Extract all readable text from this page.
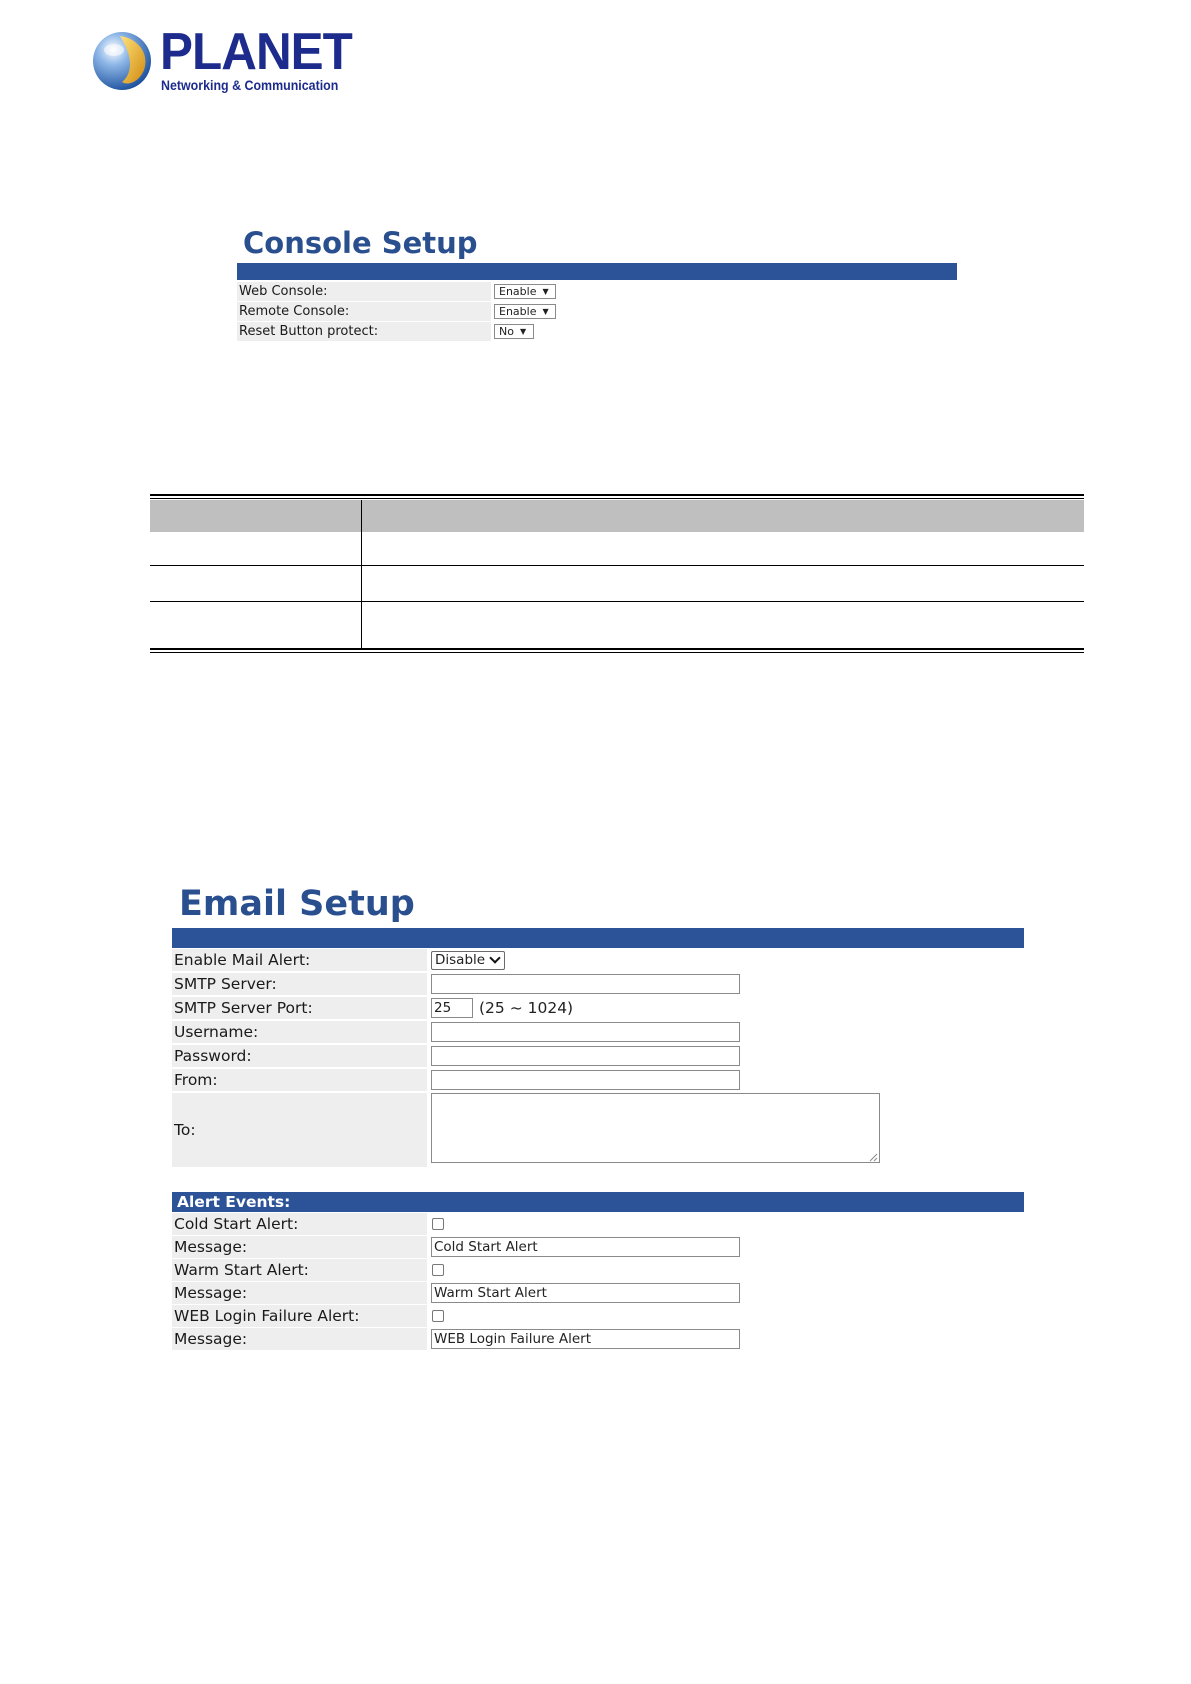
PLANET
Networking & Communication
Console Setup
Web Console:	Enable ▼
Remote Console:	Enable ▼
Reset Button protect:	No ▼
Email Setup
Enable Mail Alert:	Disable
SMTP Server:
SMTP Server Port:	25	(25 ~ 1024)
Username:
Password:
From:
To:
Alert Events:
Cold Start Alert:
Message:	Cold Start Alert
Warm Start Alert:
Message:	Warm Start Alert
WEB Login Failure Alert:
Message:	WEB Login Failure Alert
